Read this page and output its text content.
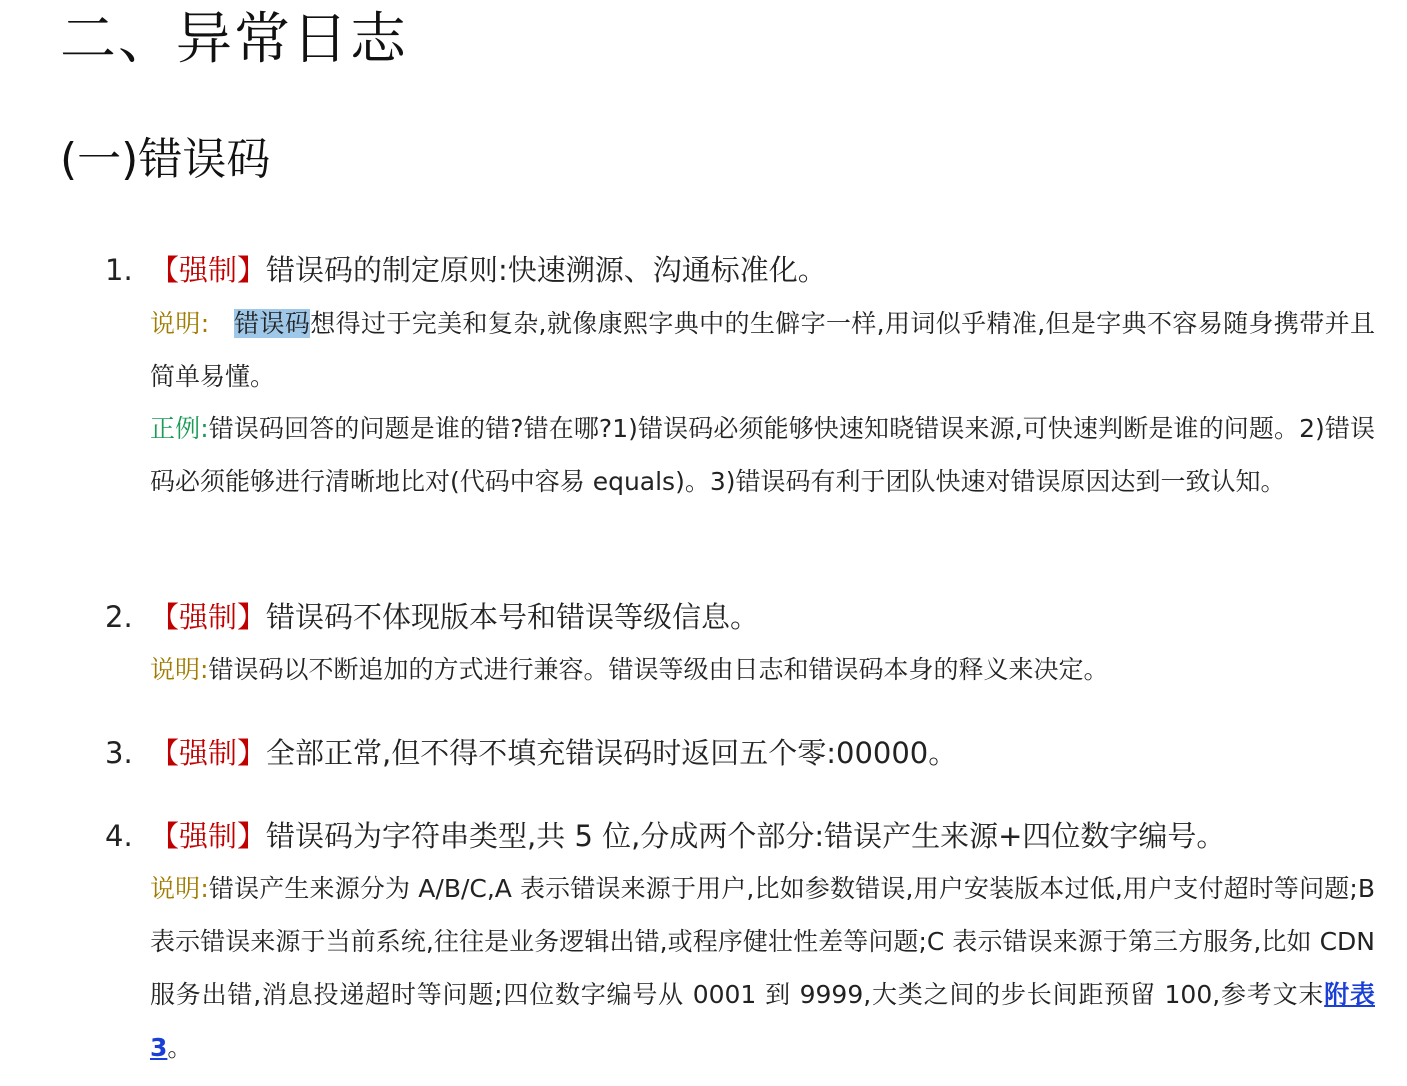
二、异常日志
(一)错误码
1. 【强制】错误码的制定原则:快速溯源、沟通标准化。
说明: 错误码想得过于完美和复杂,就像康熙字典中的生僻字一样,用词似乎精准,但是字典不容易随身携带并且简单易懂。
正例:错误码回答的问题是谁的错?错在哪?1)错误码必须能够快速知晓错误来源,可快速判断是谁的问题。2)错误码必须能够进行清晰地比对(代码中容易 equals)。3)错误码有利于团队快速对错误原因达到一致认知。
2. 【强制】错误码不体现版本号和错误等级信息。
说明:错误码以不断追加的方式进行兼容。错误等级由日志和错误码本身的释义来决定。
3. 【强制】全部正常,但不得不填充错误码时返回五个零:00000。
4. 【强制】错误码为字符串类型,共 5 位,分成两个部分:错误产生来源+四位数字编号。
说明:错误产生来源分为 A/B/C,A 表示错误来源于用户,比如参数错误,用户安装版本过低,用户支付超时等问题;B 表示错误来源于当前系统,往往是业务逻辑出错,或程序健壮性差等问题;C 表示错误来源于第三方服务,比如 CDN 服务出错,消息投递超时等问题;四位数字编号从 0001 到 9999,大类之间的步长间距预留 100,参考文末附表 3。
